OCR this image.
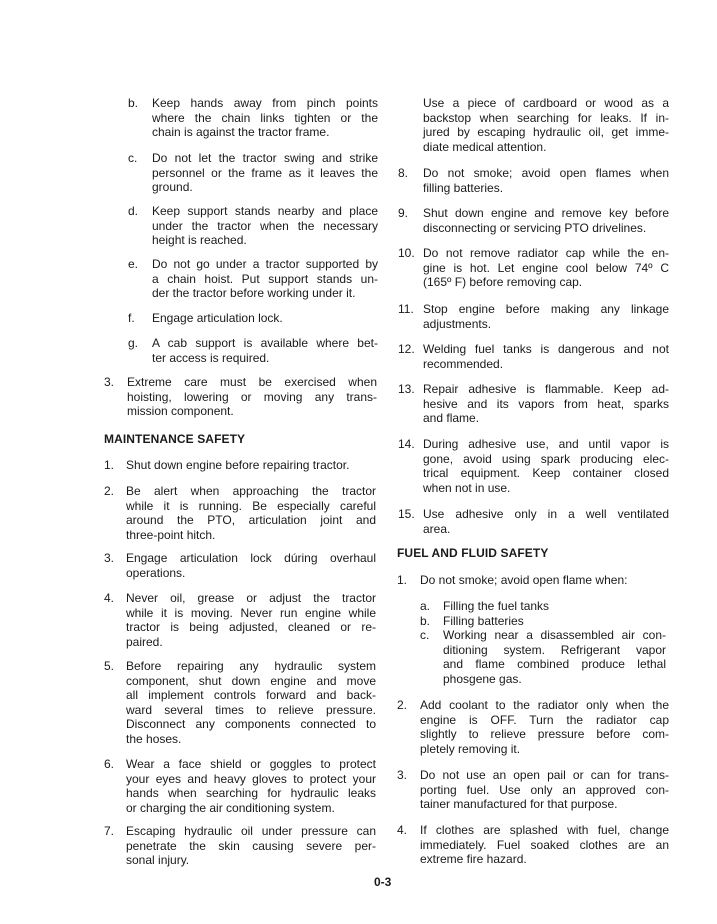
b. Keep hands away from pinch points
where the chain links tighten or the
chain is against the tractor frame.
c. Do not let the tractor swing and strike
personnel or the frame as it leaves the
ground.
d. Keep support stands nearby and place
under the tractor when the necessary
height is reached.
e. Do not go under a tractor supported by
a chain hoist. Put support stands un-
der the tractor before working under it.
f. Engage articulation lock.
g. A cab support is available where bet-
ter access is required.
3. Extreme care must be exercised when
hoisting, lowering or moving any trans-
mission component.
MAINTENANCE SAFETY
1. Shut down engine before repairing tractor.
2. Be alert when approaching the tractor
while it is running. Be especially careful
around the PTO, articulation joint and
three-point hitch.
3. Engage articulation lock dúring overhaul
operations.
4. Never oil, grease or adjust the tractor
while it is moving. Never run engine while
tractor is being adjusted, cleaned or re-
paired.
5. Before repairing any hydraulic system
component, shut down engine and move
all implement controls forward and back-
ward several times to relieve pressure.
Disconnect any components connected to
the hoses.
6. Wear a face shield or goggles to protect
your eyes and heavy gloves to protect your
hands when searching for hydraulic leaks
or charging the air conditioning system.
7. Escaping hydraulic oil under pressure can
penetrate the skin causing severe per-
sonal injury.
Use a piece of cardboard or wood as a
backstop when searching for leaks. If in-
jured by escaping hydraulic oil, get imme-
diate medical attention.
8. Do not smoke; avoid open flames when
filling batteries.
9. Shut down engine and remove key before
disconnecting or servicing PTO drivelines.
10. Do not remove radiator cap while the en-
gine is hot. Let engine cool below 74º C
(165º F) before removing cap.
11. Stop engine before making any linkage
adjustments.
12. Welding fuel tanks is dangerous and not
recommended.
13. Repair adhesive is flammable. Keep ad-
hesive and its vapors from heat, sparks
and flame.
14. During adhesive use, and until vapor is
gone, avoid using spark producing elec-
trical equipment. Keep container closed
when not in use.
15. Use adhesive only in a well ventilated
area.
FUEL AND FLUID SAFETY
1. Do not smoke; avoid open flame when:
2. Add coolant to the radiator only when the
engine is OFF. Turn the radiator cap
slightly to relieve pressure before com-
pletely removing it.
3. Do not use an open pail or can for trans-
porting fuel. Use only an approved con-
tainer manufactured for that purpose.
4. If clothes are splashed with fuel, change
immediately. Fuel soaked clothes are an
extreme fire hazard.
a. Filling the fuel tanks
b. Filling batteries
c. Working near a disassembled air con-
ditioning system. Refrigerant vapor
and flame combined produce lethal
phosgene gas.
0-3
